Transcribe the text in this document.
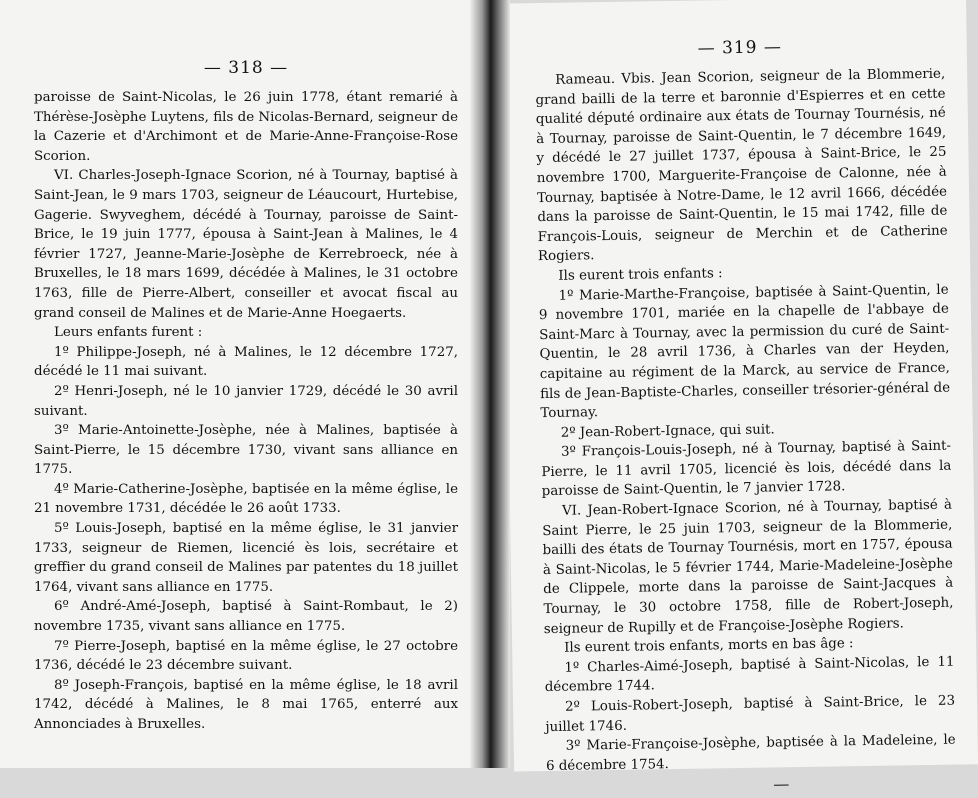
— 318 —

paroisse de Saint-Nicolas, le 26 juin 1778, étant remarié à Thérèse-Josèphe Luytens, fils de Nicolas-Bernard, seigneur de la Cazerie et d'Archimont et de Marie-Anne-Françoise-Rose Scorion.

VI. Charles-Joseph-Ignace Scorion, né à Tournay, baptisé à Saint-Jean, le 9 mars 1703, seigneur de Léaucourt, Hurtebise, Gagerie. Swyveghem, décédé à Tournay, paroisse de Saint-Brice, le 19 juin 1777, épousa à Saint-Jean à Malines, le 4 février 1727, Jeanne-Marie-Josèphe de Kerrebroeck, née à Bruxelles, le 18 mars 1699, décédée à Malines, le 31 octobre 1763, fille de Pierre-Albert, conseiller et avocat fiscal au grand conseil de Malines et de Marie-Anne Hoegaerts.

Leurs enfants furent :

1º Philippe-Joseph, né à Malines, le 12 décembre 1727, décédé le 11 mai suivant.

2º Henri-Joseph, né le 10 janvier 1729, décédé le 30 avril suivant.

3º Marie-Antoinette-Josèphe, née à Malines, baptisée à Saint-Pierre, le 15 décembre 1730, vivant sans alliance en 1775.

4º Marie-Catherine-Josèphe, baptisée en la même église, le 21 novembre 1731, décédée le 26 août 1733.

5º Louis-Joseph, baptisé en la même église, le 31 janvier 1733, seigneur de Riemen, licencié ès lois, secrétaire et greffier du grand conseil de Malines par patentes du 18 juillet 1764, vivant sans alliance en 1775.

6º André-Amé-Joseph, baptisé à Saint-Rombaut, le 2) novembre 1735, vivant sans alliance en 1775.

7º Pierre-Joseph, baptisé en la même église, le 27 octobre 1736, décédé le 23 décembre suivant.

8º Joseph-François, baptisé en la même église, le 18 avril 1742, décédé à Malines, le 8 mai 1765, enterré aux Annonciades à Bruxelles.

— 319 —

Rameau. Vbis. Jean Scorion, seigneur de la Blommerie, grand bailli de la terre et baronnie d'Espierres et en cette qualité député ordinaire aux états de Tournay Tournésis, né à Tournay, paroisse de Saint-Quentin, le 7 décembre 1649, y décédé le 27 juillet 1737, épousa à Saint-Brice, le 25 novembre 1700, Marguerite-Françoise de Calonne, née à Tournay, baptisée à Notre-Dame, le 12 avril 1666, décédée dans la paroisse de Saint-Quentin, le 15 mai 1742, fille de François-Louis, seigneur de Merchin et de Catherine Rogiers.

Ils eurent trois enfants :

1º Marie-Marthe-Françoise, baptisée à Saint-Quentin, le 9 novembre 1701, mariée en la chapelle de l'abbaye de Saint-Marc à Tournay, avec la permission du curé de Saint-Quentin, le 28 avril 1736, à Charles van der Heyden, capitaine au régiment de la Marck, au service de France, fils de Jean-Baptiste-Charles, conseiller trésorier-général de Tournay.

2º Jean-Robert-Ignace, qui suit.

3º François-Louis-Joseph, né à Tournay, baptisé à Saint-Pierre, le 11 avril 1705, licencié ès lois, décédé dans la paroisse de Saint-Quentin, le 7 janvier 1728.

VI. Jean-Robert-Ignace Scorion, né à Tournay, baptisé à Saint Pierre, le 25 juin 1703, seigneur de la Blommerie, bailli des états de Tournay Tournésis, mort en 1757, épousa à Saint-Nicolas, le 5 février 1744, Marie-Madeleine-Josèphe de Clippele, morte dans la paroisse de Saint-Jacques à Tournay, le 30 octobre 1758, fille de Robert-Joseph, seigneur de Rupilly et de Françoise-Josèphe Rogiers.

Ils eurent trois enfants, morts en bas âge :

1º Charles-Aimé-Joseph, baptisé à Saint-Nicolas, le 11 décembre 1744.

2º Louis-Robert-Joseph, baptisé à Saint-Brice, le 23 juillet 1746.

3º Marie-Françoise-Josèphe, baptisée à la Madeleine, le 6 décembre 1754.

—
